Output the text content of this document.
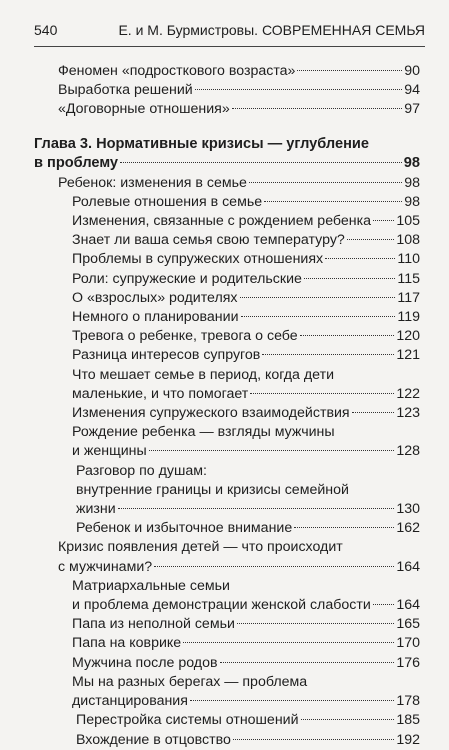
540	Е. и М. Бурмистровы. СОВРЕМЕННАЯ СЕМЬЯ
Феномен «подросткового возраста»	90
Выработка решений	94
«Договорные отношения»	97
Глава 3. Нормативные кризисы — углубление
в проблему	98
Ребенок: изменения в семье	98
Ролевые отношения в семье	98
Изменения, связанные с рождением ребенка 105
Знает ли ваша семья свою температуру?	108
Проблемы в супружеских отношениях	110
Роли: супружеские и родительские	115
О «взрослых» родителях	117
Немного о планировании	119
Тревога о ребенке, тревога о себе	120
Разница интересов супругов	121
Что мешает семье в период, когда дети
маленькие, и что помогает	122
Изменения супружеского взаимодействия	123
Рождение ребенка — взгляды мужчины
и женщины	128
Разговор по душам:
внутренние границы и кризисы семейной
жизни	130
Ребенок и избыточное внимание	162
Кризис появления детей — что происходит
с мужчинами?	164
Матриархальные семьи
и проблема демонстрации женской слабости 164
Папа из неполной семьи	165
Папа на коврике	170
Мужчина после родов	176
Мы на разных берегах — проблема
дистанцирования	178
Перестройка системы отношений	185
Вхождение в отцовство	192
